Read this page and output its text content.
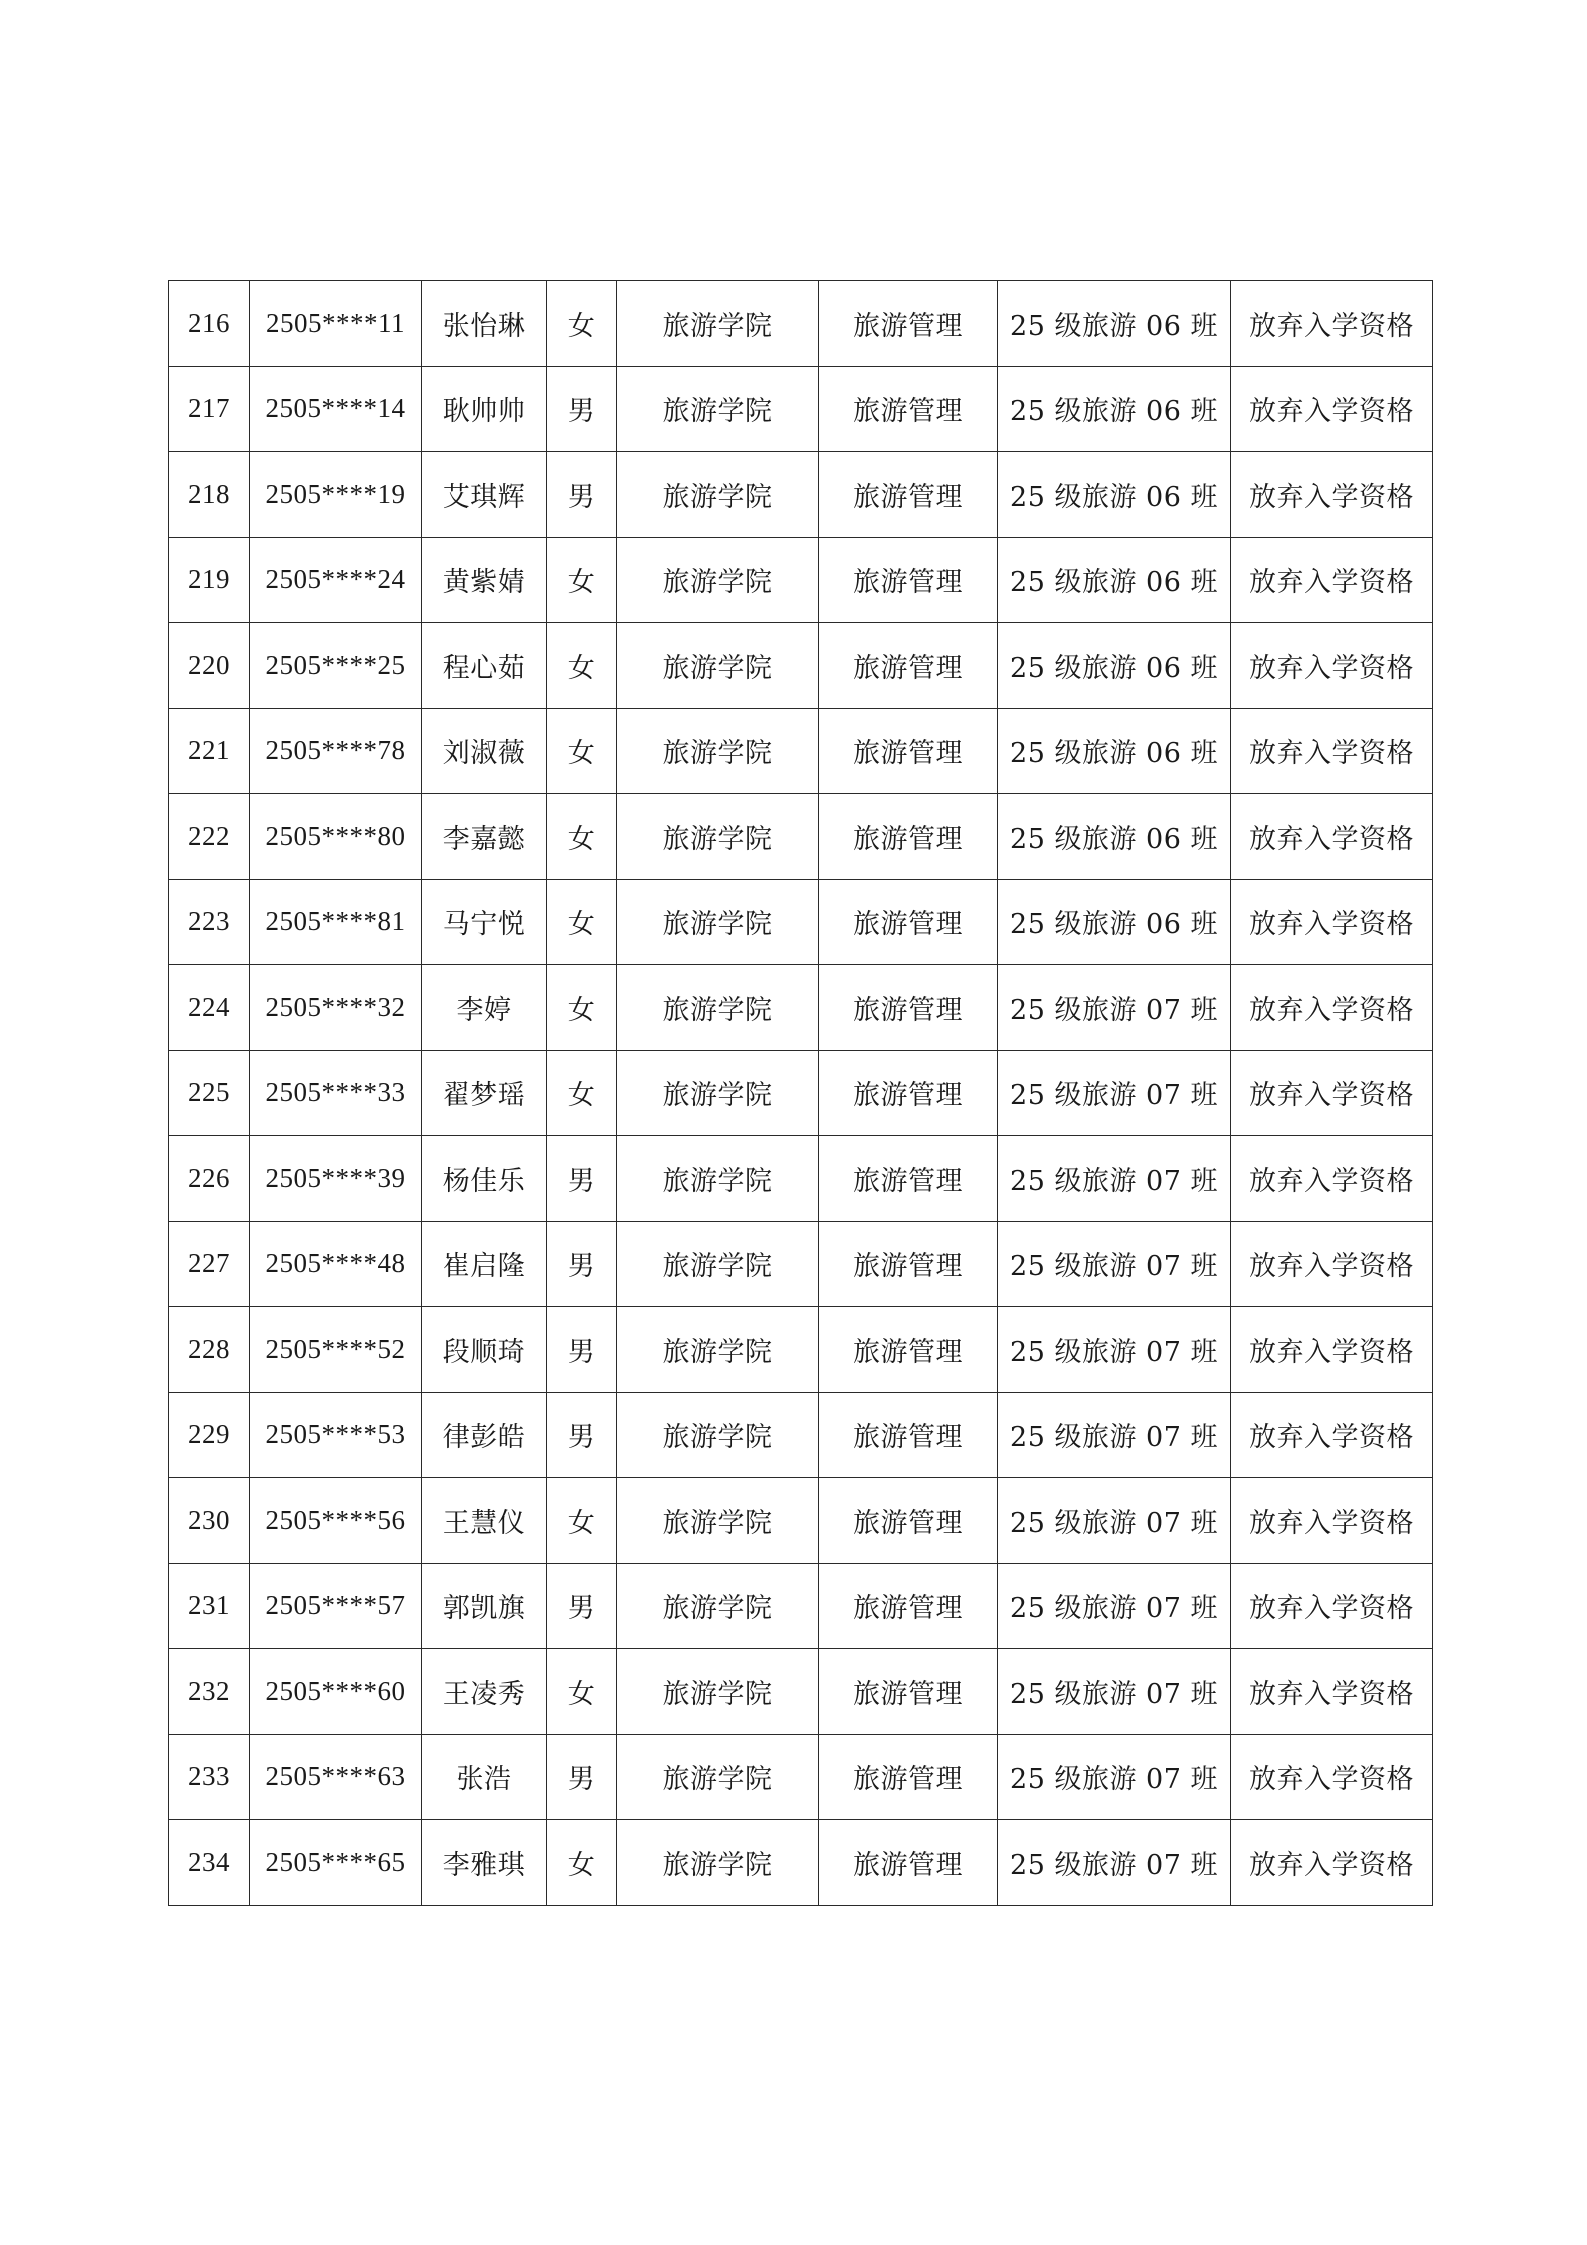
216	2505****11	张怡琳	女	旅游学院	旅游管理	25 级旅游 06 班	放弃入学资格
217	2505****14	耿帅帅	男	旅游学院	旅游管理	25 级旅游 06 班	放弃入学资格
218	2505****19	艾琪辉	男	旅游学院	旅游管理	25 级旅游 06 班	放弃入学资格
219	2505****24	黄紫婧	女	旅游学院	旅游管理	25 级旅游 06 班	放弃入学资格
220	2505****25	程心茹	女	旅游学院	旅游管理	25 级旅游 06 班	放弃入学资格
221	2505****78	刘淑薇	女	旅游学院	旅游管理	25 级旅游 06 班	放弃入学资格
222	2505****80	李嘉懿	女	旅游学院	旅游管理	25 级旅游 06 班	放弃入学资格
223	2505****81	马宁悦	女	旅游学院	旅游管理	25 级旅游 06 班	放弃入学资格
224	2505****32	李婷	女	旅游学院	旅游管理	25 级旅游 07 班	放弃入学资格
225	2505****33	翟梦瑶	女	旅游学院	旅游管理	25 级旅游 07 班	放弃入学资格
226	2505****39	杨佳乐	男	旅游学院	旅游管理	25 级旅游 07 班	放弃入学资格
227	2505****48	崔启隆	男	旅游学院	旅游管理	25 级旅游 07 班	放弃入学资格
228	2505****52	段顺琦	男	旅游学院	旅游管理	25 级旅游 07 班	放弃入学资格
229	2505****53	律彭皓	男	旅游学院	旅游管理	25 级旅游 07 班	放弃入学资格
230	2505****56	王慧仪	女	旅游学院	旅游管理	25 级旅游 07 班	放弃入学资格
231	2505****57	郭凯旗	男	旅游学院	旅游管理	25 级旅游 07 班	放弃入学资格
232	2505****60	王凌秀	女	旅游学院	旅游管理	25 级旅游 07 班	放弃入学资格
233	2505****63	张浩	男	旅游学院	旅游管理	25 级旅游 07 班	放弃入学资格
234	2505****65	李雅琪	女	旅游学院	旅游管理	25 级旅游 07 班	放弃入学资格
